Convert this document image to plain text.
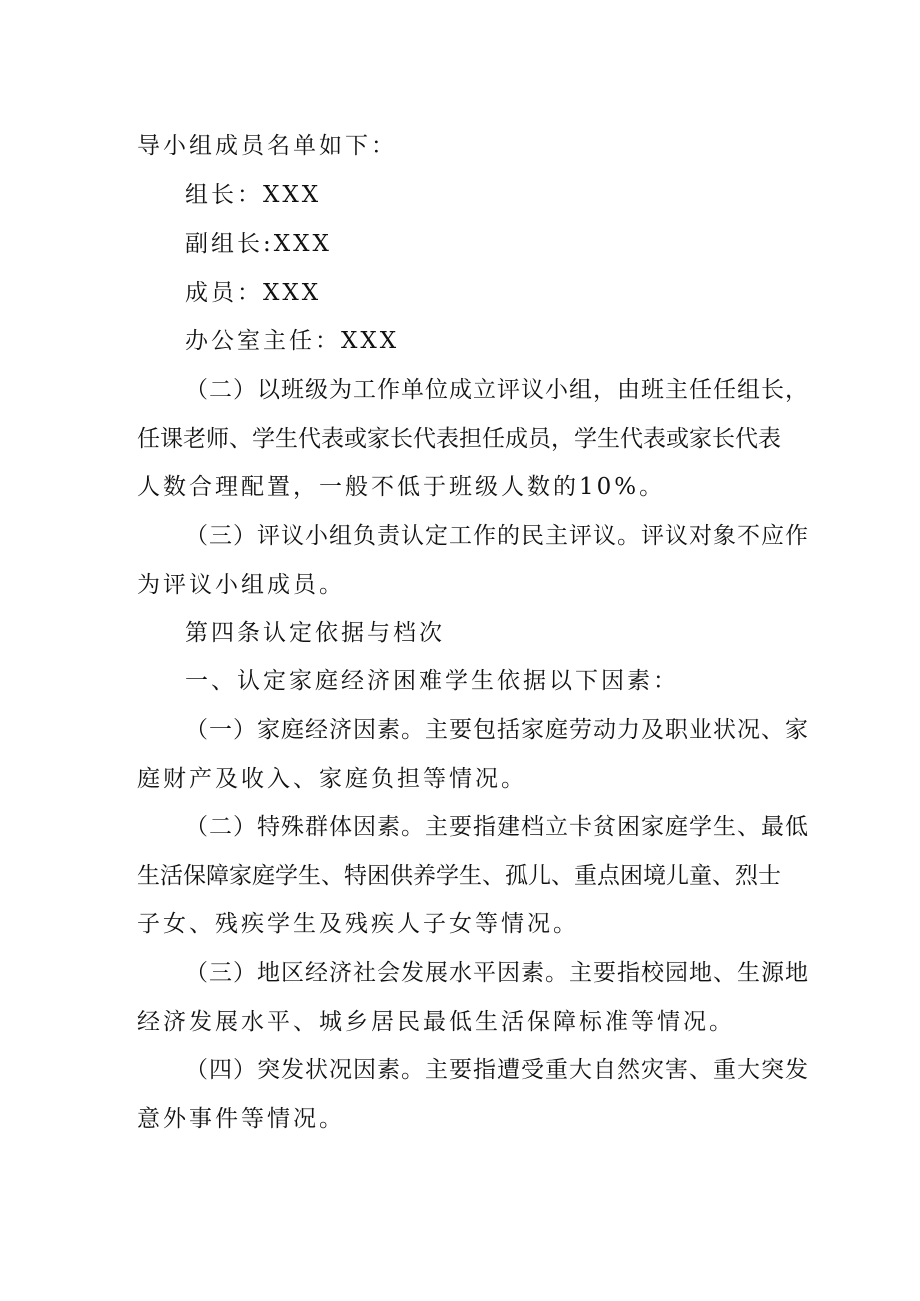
导小组成员名单如下：
组长：XXX
副组长:XXX
成员：XXX
办公室主任：XXX
（二）以班级为工作单位成立评议小组，由班主任任组长，
任课老师、学生代表或家长代表担任成员，学生代表或家长代表
人数合理配置，一般不低于班级人数的10%。
（三）评议小组负责认定工作的民主评议。评议对象不应作
为评议小组成员。
第四条认定依据与档次
一、认定家庭经济困难学生依据以下因素：
（一）家庭经济因素。主要包括家庭劳动力及职业状况、家
庭财产及收入、家庭负担等情况。
（二）特殊群体因素。主要指建档立卡贫困家庭学生、最低
生活保障家庭学生、特困供养学生、孤儿、重点困境儿童、烈士
子女、残疾学生及残疾人子女等情况。
（三）地区经济社会发展水平因素。主要指校园地、生源地
经济发展水平、城乡居民最低生活保障标准等情况。
（四）突发状况因素。主要指遭受重大自然灾害、重大突发
意外事件等情况。
